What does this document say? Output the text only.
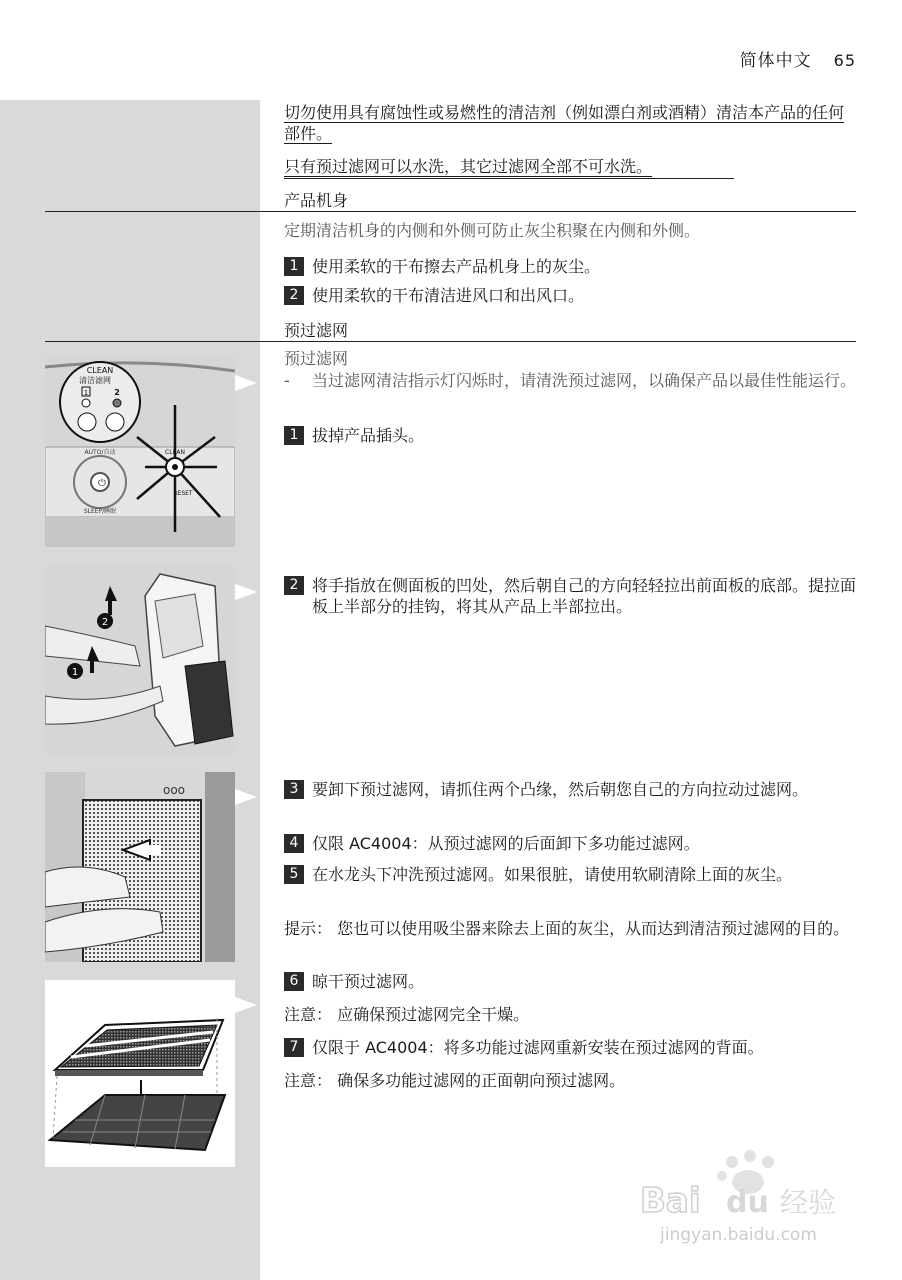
简体中文 65
切勿使用具有腐蚀性或易燃性的清洁剂（例如漂白剂或酒精）清洁本产品的任何部件。
只有预过滤网可以水洗，其它过滤网全部不可水洗。
产品机身
定期清洁机身的内侧和外侧可防止灰尘积聚在内侧和外侧。
1 使用柔软的干布擦去产品机身上的灰尘。
2 使用柔软的干布清洁进风口和出风口。
预过滤网
预过滤网
- 当过滤网清洁指示灯闪烁时，请清洗预过滤网，以确保产品以最佳性能运行。
1 拔掉产品插头。
2 将手指放在侧面板的凹处，然后朝自己的方向轻轻拉出前面板的底部。提拉面板上半部分的挂钩，将其从产品上半部拉出。
3 要卸下预过滤网，请抓住两个凸缘，然后朝您自己的方向拉动过滤网。
4 仅限 AC4004：从预过滤网的后面卸下多功能过滤网。
5 在水龙头下冲洗预过滤网。如果很脏，请使用软刷清除上面的灰尘。
提示： 您也可以使用吸尘器来除去上面的灰尘，从而达到清洁预过滤网的目的。
6 晾干预过滤网。
注意： 应确保预过滤网完全干燥。
7 仅限于 AC4004：将多功能过滤网重新安装在预过滤网的背面。
注意： 确保多功能过滤网的正面朝向预过滤网。
⏻
AUTO/自动
SLEEP/睡眠
CLEAN
RESET
CLEAN
清洁滤网
1	2
2
1
ooo
Bai du 经验
jingyan.baidu.com
